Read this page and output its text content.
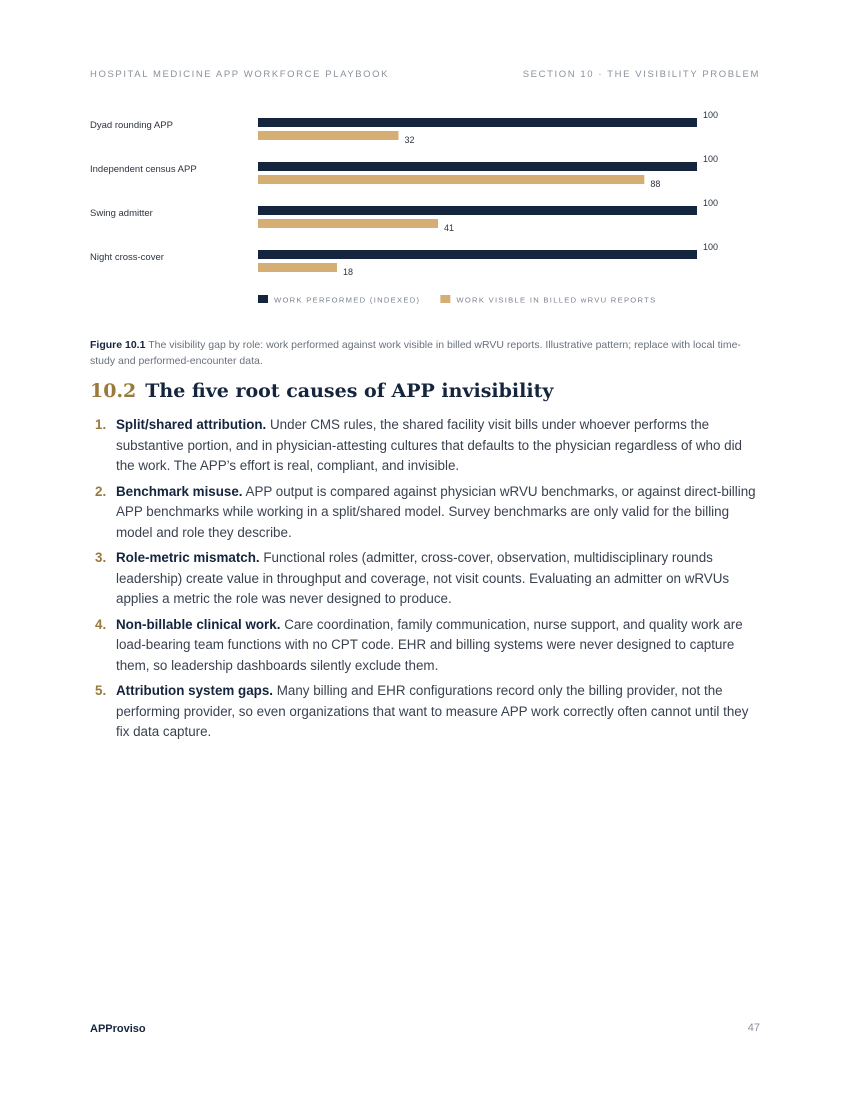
HOSPITAL MEDICINE APP WORKFORCE PLAYBOOK	SECTION 10 · THE VISIBILITY PROBLEM
Dyad rounding APP
100
32
Independent census APP
100
88
Swing admitter
100
41
Night cross-cover
100
18
WORK PERFORMED (INDEXED)	WORK VISIBLE IN BILLED wRVU REPORTS

Figure 10.1 The visibility gap by role: work performed against work visible in billed wRVU reports. Illustrative pattern; replace with local time-study and performed-encounter data.

10.2 The five root causes of APP invisibility
1. Split/shared attribution. Under CMS rules, the shared facility visit bills under whoever performs the substantive portion, and in physician-attesting cultures that defaults to the physician regardless of who did the work. The APP’s effort is real, compliant, and invisible.
2. Benchmark misuse. APP output is compared against physician wRVU benchmarks, or against direct-billing APP benchmarks while working in a split/shared model. Survey benchmarks are only valid for the billing model and role they describe.
3. Role-metric mismatch. Functional roles (admitter, cross-cover, observation, multidisciplinary rounds leadership) create value in throughput and coverage, not visit counts. Evaluating an admitter on wRVUs applies a metric the role was never designed to produce.
4. Non-billable clinical work. Care coordination, family communication, nurse support, and quality work are load-bearing team functions with no CPT code. EHR and billing systems were never designed to capture them, so leadership dashboards silently exclude them.
5. Attribution system gaps. Many billing and EHR configurations record only the billing provider, not the performing provider, so even organizations that want to measure APP work correctly often cannot until they fix data capture.
APProviso	47
